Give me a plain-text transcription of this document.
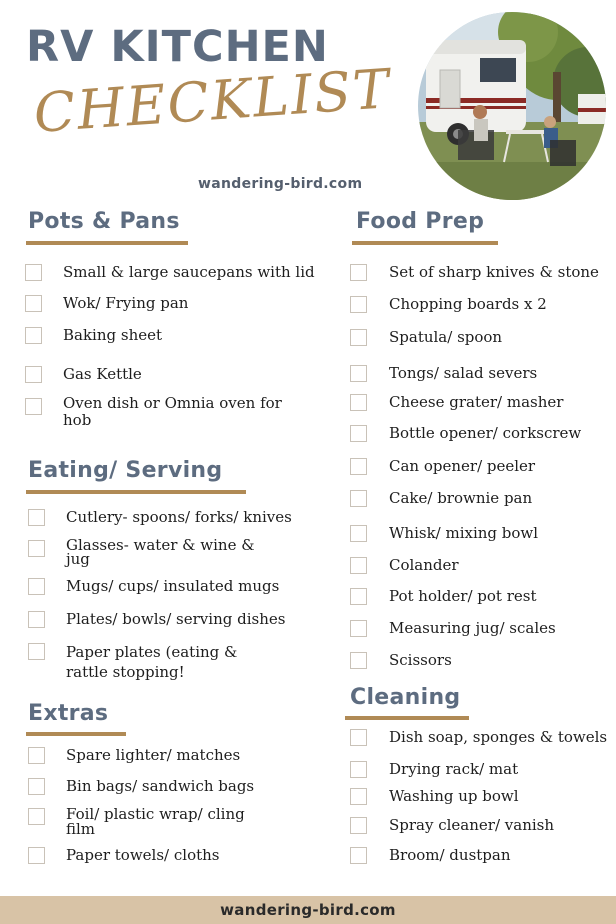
RV KITCHEN
CHECKLIST
wandering-bird.com
Pots & Pans
Small & large saucepans with lid
Wok/ Frying pan
Baking sheet
Gas Kettle
Oven dish or Omnia oven for hob
Eating/ Serving
Cutlery- spoons/ forks/ knives
Glasses- water & wine & jug
Mugs/ cups/ insulated mugs
Plates/ bowls/ serving dishes
Paper plates (eating & rattle stopping!
Extras
Spare lighter/ matches
Bin bags/ sandwich bags
Foil/ plastic wrap/ cling film
Paper towels/ cloths
Food Prep
Set of sharp knives & stone
Chopping boards x 2
Spatula/ spoon
Tongs/ salad severs
Cheese grater/ masher
Bottle opener/ corkscrew
Can opener/ peeler
Cake/ brownie pan
Whisk/ mixing bowl
Colander
Pot holder/ pot rest
Measuring jug/ scales
Scissors
Cleaning
Dish soap, sponges & towels
Drying rack/ mat
Washing up bowl
Spray cleaner/ vanish
Broom/ dustpan
wandering-bird.com
